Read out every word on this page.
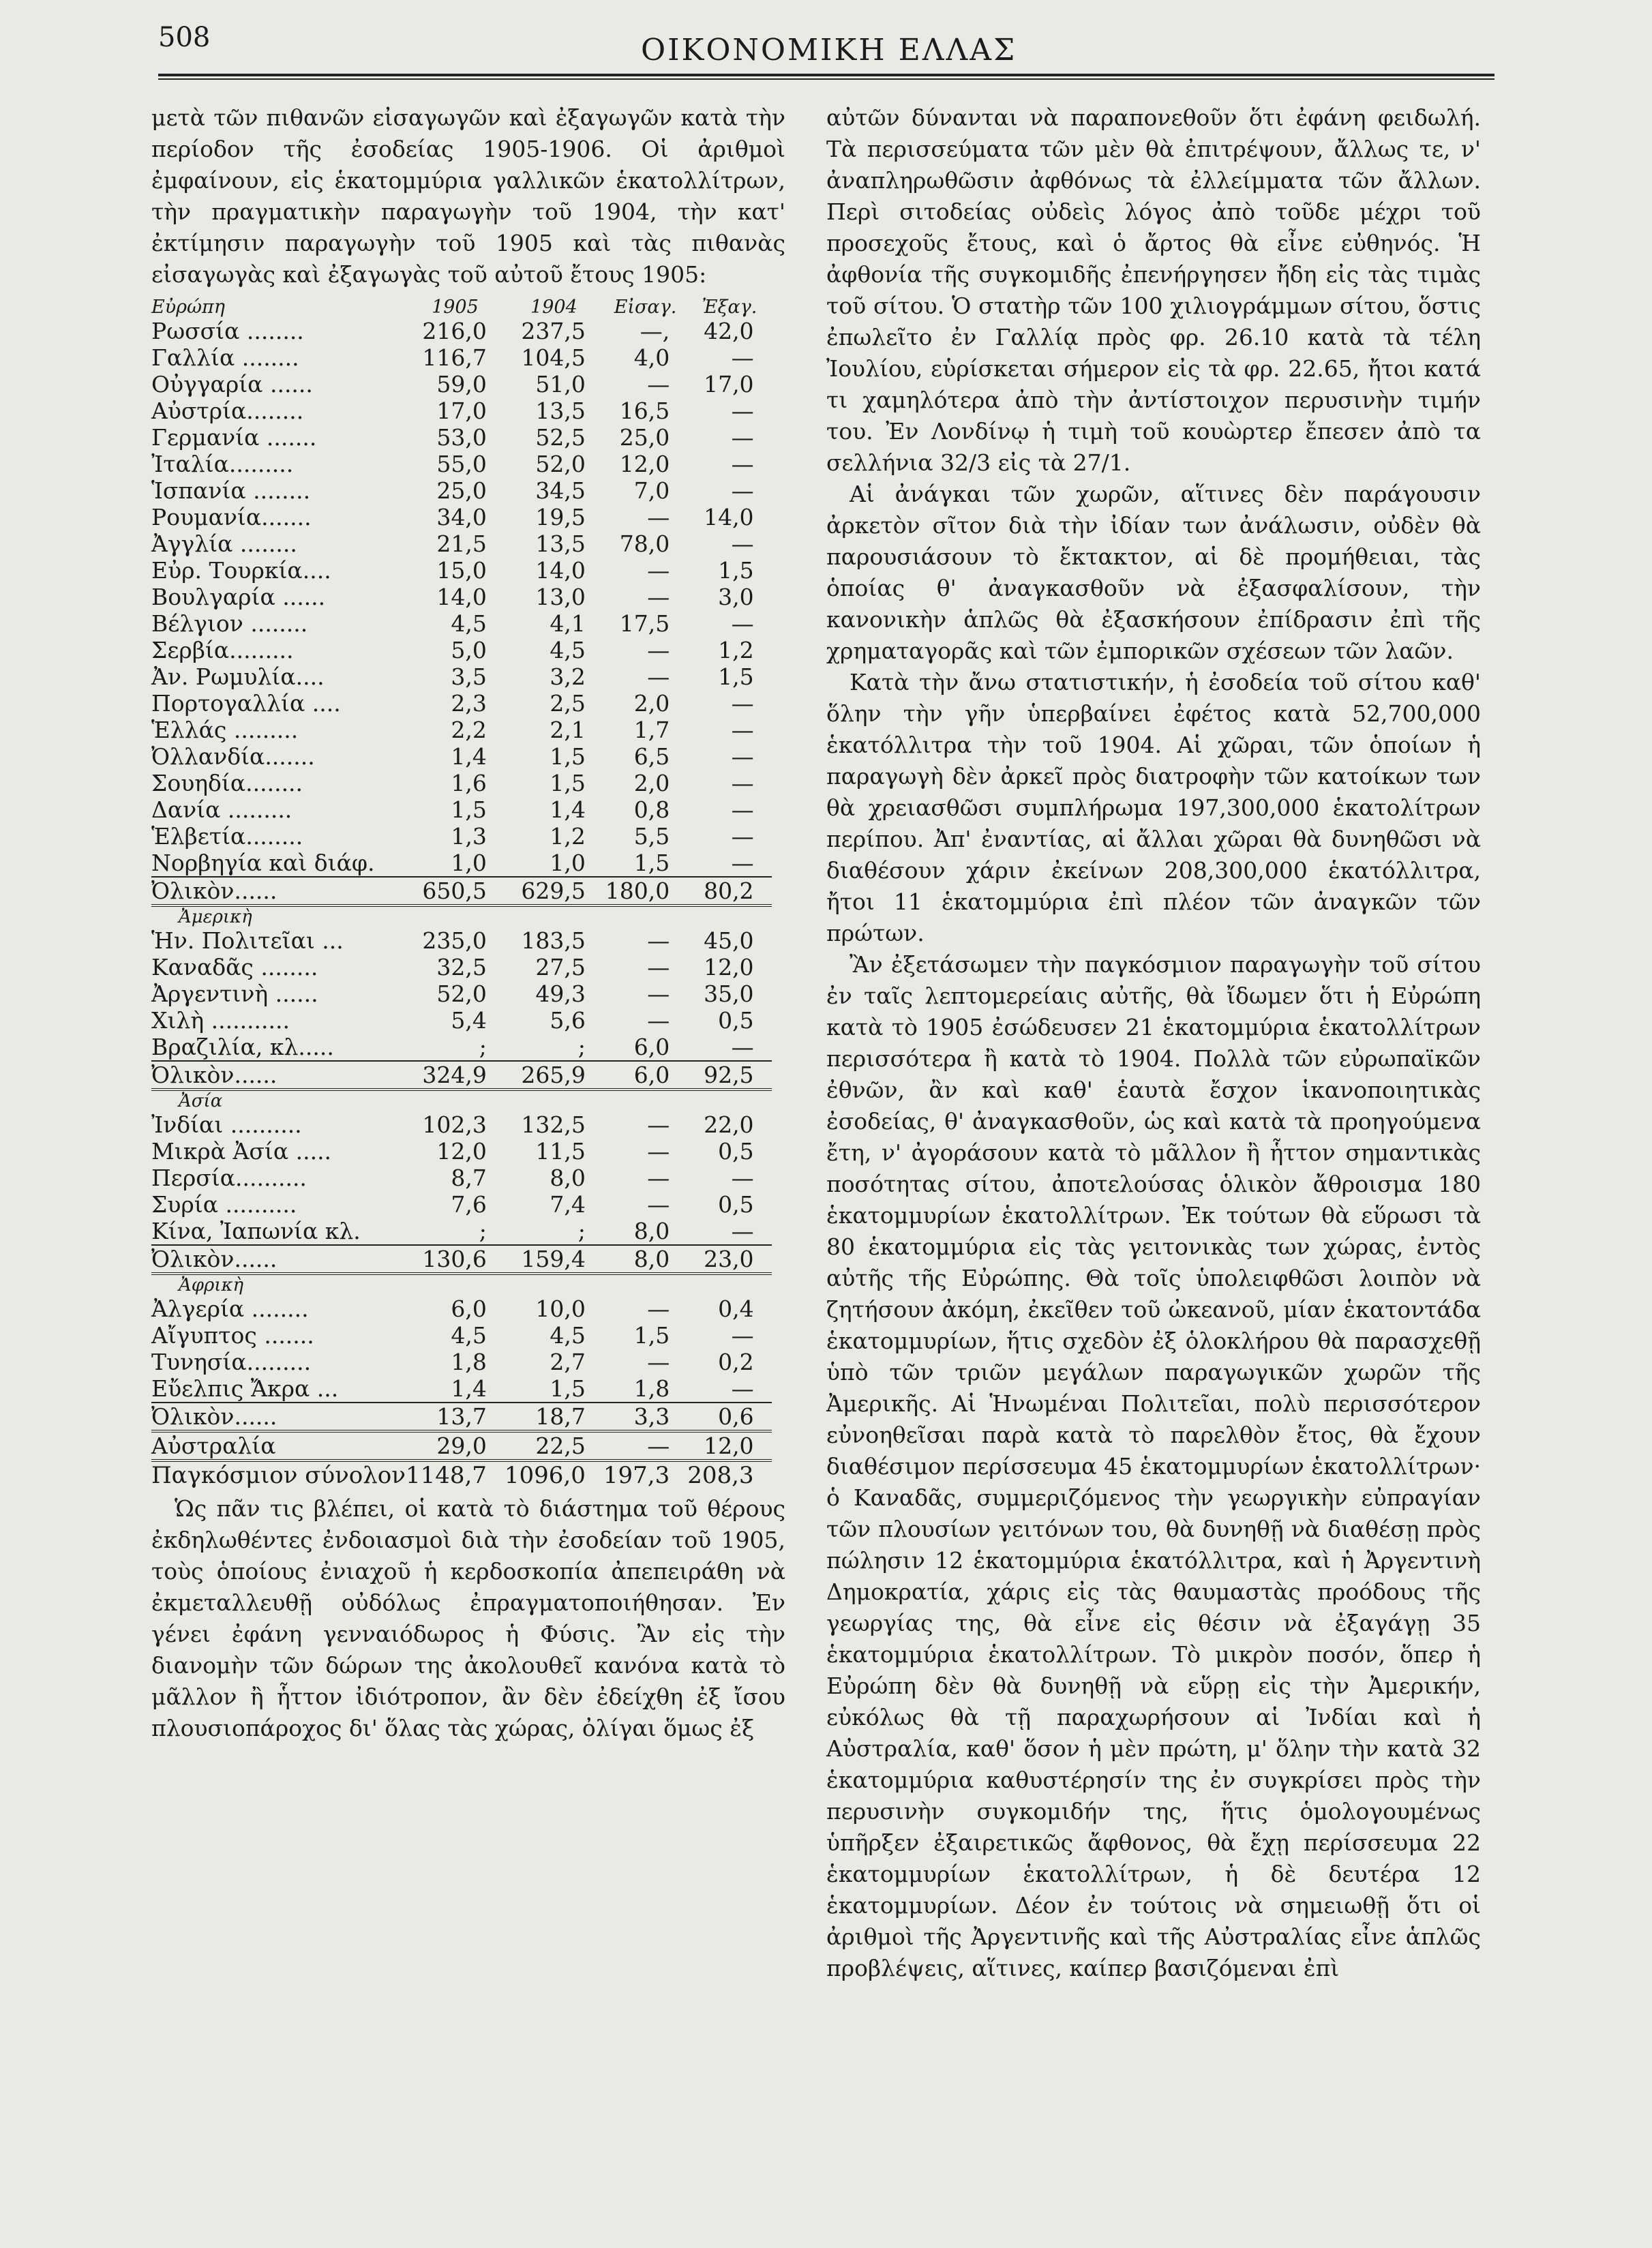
508	ΟΙΚΟΝΟΜΙΚΗ ΕΛΛΑΣ

μετὰ τῶν πιθανῶν εἰσαγωγῶν καὶ ἐξαγωγῶν κατὰ τὴν περίοδον τῆς ἐσοδείας 1905-1906. Οἱ ἀριθμοὶ ἐμφαίνουν, εἰς ἑκατομμύρια γαλλικῶν ἑκατολλίτρων, τὴν πραγματικὴν παραγωγὴν τοῦ 1904, τὴν κατ' ἐκτίμησιν παραγωγὴν τοῦ 1905 καὶ τὰς πιθανὰς εἰσαγωγὰς καὶ ἐξαγωγὰς τοῦ αὐτοῦ ἔτους 1905:

Εὐρώπη	1905	1904	Εἰσαγ.	Ἐξαγ.
Ρωσσία ........	216,0	237,5	—,	42,0
Γαλλία ........	116,7	104,5	4,0	—
Οὐγγαρία ......	59,0	51,0	—	17,0
Αὐστρία........	17,0	13,5	16,5	—
Γερμανία .......	53,0	52,5	25,0	—
Ἰταλία.........	55,0	52,0	12,0	—
Ἱσπανία ........	25,0	34,5	7,0	—
Ρουμανία.......	34,0	19,5	—	14,0
Ἀγγλία ........	21,5	13,5	78,0	—
Εὐρ. Τουρκία....	15,0	14,0	—	1,5
Βουλγαρία ......	14,0	13,0	—	3,0
Βέλγιον ........	4,5	4,1	17,5	—
Σερβία.........	5,0	4,5	—	1,2
Ἀν. Ρωμυλία....	3,5	3,2	—	1,5
Πορτογαλλία ....	2,3	2,5	2,0	—
Ἑλλάς .........	2,2	2,1	1,7	—
Ὀλλανδία.......	1,4	1,5	6,5	—
Σουηδία........	1,6	1,5	2,0	—
Δανία .........	1,5	1,4	0,8	—
Ἑλβετία........	1,3	1,2	5,5	—
Νορβηγία καὶ διάφ.	1,0	1,0	1,5	—
Ὀλικὸν......	650,5	629,5	180,0	80,2
Ἀμερικὴ				
Ἡν. Πολιτεῖαι ...	235,0	183,5	—	45,0
Καναδᾶς ........	32,5	27,5	—	12,0
Ἀργεντινὴ ......	52,0	49,3	—	35,0
Χιλὴ ...........	5,4	5,6	—	0,5
Βραζιλία, κλ.....	;	;	6,0	—
Ὀλικὸν......	324,9	265,9	6,0	92,5
Ἀσία				
Ἰνδίαι ..........	102,3	132,5	—	22,0
Μικρὰ Ἀσία .....	12,0	11,5	—	0,5
Περσία..........	8,7	8,0	—	—
Συρία ..........	7,6	7,4	—	0,5
Κίνα, Ἰαπωνία κλ.	;	;	8,0	—
Ὀλικὸν......	130,6	159,4	8,0	23,0
Ἀφρικὴ				
Ἀλγερία ........	6,0	10,0	—	0,4
Αἴγυπτος .......	4,5	4,5	1,5	—
Τυνησία.........	1,8	2,7	—	0,2
Εὔελπις Ἄκρα ...	1,4	1,5	1,8	—
Ὀλικὸν......	13,7	18,7	3,3	0,6
Αὐστραλία	29,0	22,5	—	12,0
Παγκόσμιον σύνολον	1148,7	1096,0	197,3	208,3

Ὡς πᾶν τις βλέπει, οἱ κατὰ τὸ διάστημα τοῦ θέρους ἐκδηλωθέντες ἐνδοιασμοὶ διὰ τὴν ἐσοδείαν τοῦ 1905, τοὺς ὁποίους ἐνιαχοῦ ἡ κερδοσκοπία ἀπεπειράθη νὰ ἐκμεταλλευθῇ οὐδόλως ἐπραγματοποιήθησαν. Ἐν γένει ἐφάνη γενναιόδωρος ἡ Φύσις. Ἂν εἰς τὴν διανομὴν τῶν δώρων της ἀκολουθεῖ κανόνα κατὰ τὸ μᾶλλον ἢ ἧττον ἰδιότροπον, ἂν δὲν ἐδείχθη ἐξ ἴσου πλουσιοπάροχος δι' ὅλας τὰς χώρας, ὀλίγαι ὅμως ἐξ

αὐτῶν δύνανται νὰ παραπονεθοῦν ὅτι ἐφάνη φειδωλή. Τὰ περισσεύματα τῶν μὲν θὰ ἐπιτρέψουν, ἄλλως τε, ν' ἀναπληρωθῶσιν ἀφθόνως τὰ ἐλλείμματα τῶν ἄλλων. Περὶ σιτοδείας οὐδεὶς λόγος ἀπὸ τοῦδε μέχρι τοῦ προσεχοῦς ἔτους, καὶ ὁ ἄρτος θὰ εἶνε εὐθηνός. Ἡ ἀφθονία τῆς συγκομιδῆς ἐπενήργησεν ἤδη εἰς τὰς τιμὰς τοῦ σίτου. Ὁ στατὴρ τῶν 100 χιλιογράμμων σίτου, ὅστις ἐπωλεῖτο ἐν Γαλλίᾳ πρὸς φρ. 26.10 κατὰ τὰ τέλη Ἰουλίου, εὑρίσκεται σήμερον εἰς τὰ φρ. 22.65, ἤτοι κατά τι χαμηλότερα ἀπὸ τὴν ἀντίστοιχον περυσινὴν τιμήν του. Ἐν Λονδίνῳ ἡ τιμὴ τοῦ κουὼρτερ ἔπεσεν ἀπὸ τα σελλήνια 32/3 εἰς τὰ 27/1.

Αἱ ἀνάγκαι τῶν χωρῶν, αἵτινες δὲν παράγουσιν ἀρκετὸν σῖτον διὰ τὴν ἰδίαν των ἀνάλωσιν, οὐδὲν θὰ παρουσιάσουν τὸ ἔκτακτον, αἱ δὲ προμήθειαι, τὰς ὁποίας θ' ἀναγκασθοῦν νὰ ἐξασφαλίσουν, τὴν κανονικὴν ἁπλῶς θὰ ἐξασκήσουν ἐπίδρασιν ἐπὶ τῆς χρηματαγορᾶς καὶ τῶν ἐμπορικῶν σχέσεων τῶν λαῶν.

Κατὰ τὴν ἄνω στατιστικήν, ἡ ἐσοδεία τοῦ σίτου καθ' ὅλην τὴν γῆν ὑπερβαίνει ἐφέτος κατὰ 52,700,000 ἑκατόλλιτρα τὴν τοῦ 1904. Αἱ χῶραι, τῶν ὁποίων ἡ παραγωγὴ δὲν ἀρκεῖ πρὸς διατροφὴν τῶν κατοίκων των θὰ χρειασθῶσι συμπλήρωμα 197,300,000 ἑκατολίτρων περίπου. Ἀπ' ἐναντίας, αἱ ἄλλαι χῶραι θὰ δυνηθῶσι νὰ διαθέσουν χάριν ἐκείνων 208,300,000 ἑκατόλλιτρα, ἤτοι 11 ἑκατομμύρια ἐπὶ πλέον τῶν ἀναγκῶν τῶν πρώτων.

Ἂν ἐξετάσωμεν τὴν παγκόσμιον παραγωγὴν τοῦ σίτου ἐν ταῖς λεπτομερείαις αὐτῆς, θὰ ἴδωμεν ὅτι ἡ Εὐρώπη κατὰ τὸ 1905 ἐσώδευσεν 21 ἑκατομμύρια ἑκατολλίτρων περισσότερα ἢ κατὰ τὸ 1904. Πολλὰ τῶν εὐρωπαϊκῶν ἐθνῶν, ἂν καὶ καθ' ἑαυτὰ ἔσχον ἱκανοποιητικὰς ἐσοδείας, θ' ἀναγκασθοῦν, ὡς καὶ κατὰ τὰ προηγούμενα ἔτη, ν' ἀγοράσουν κατὰ τὸ μᾶλλον ἢ ἧττον σημαντικὰς ποσότητας σίτου, ἀποτελούσας ὁλικὸν ἄθροισμα 180 ἑκατομμυρίων ἑκατολλίτρων. Ἐκ τούτων θὰ εὕρωσι τὰ 80 ἑκατομμύρια εἰς τὰς γειτονικὰς των χώρας, ἐντὸς αὐτῆς τῆς Εὐρώπης. Θὰ τοῖς ὑπολειφθῶσι λοιπὸν νὰ ζητήσουν ἀκόμη, ἐκεῖθεν τοῦ ὠκεανοῦ, μίαν ἑκατοντάδα ἑκατομμυρίων, ἥτις σχεδὸν ἐξ ὁλοκλήρου θὰ παρασχεθῇ ὑπὸ τῶν τριῶν μεγάλων παραγωγικῶν χωρῶν τῆς Ἀμερικῆς. Αἱ Ἡνωμέναι Πολιτεῖαι, πολὺ περισσότερον εὐνοηθεῖσαι παρὰ κατὰ τὸ παρελθὸν ἔτος, θὰ ἔχουν διαθέσιμον περίσσευμα 45 ἑκατομμυρίων ἑκατολλίτρων· ὁ Καναδᾶς, συμμεριζόμενος τὴν γεωργικὴν εὐπραγίαν τῶν πλουσίων γειτόνων του, θὰ δυνηθῇ νὰ διαθέσῃ πρὸς πώλησιν 12 ἑκατομμύρια ἑκατόλλιτρα, καὶ ἡ Ἀργεντινὴ Δημοκρατία, χάρις εἰς τὰς θαυμαστὰς προόδους τῆς γεωργίας της, θὰ εἶνε εἰς θέσιν νὰ ἐξαγάγῃ 35 ἑκατομμύρια ἑκατολλίτρων. Τὸ μικρὸν ποσόν, ὅπερ ἡ Εὐρώπη δὲν θὰ δυνηθῇ νὰ εὕρῃ εἰς τὴν Ἀμερικήν, εὐκόλως θὰ τῇ παραχωρήσουν αἱ Ἰνδίαι καὶ ἡ Αὐστραλία, καθ' ὅσον ἡ μὲν πρώτη, μ' ὅλην τὴν κατὰ 32 ἑκατομμύρια καθυστέρησίν της ἐν συγκρίσει πρὸς τὴν περυσινὴν συγκομιδήν της, ἥτις ὁμολογουμένως ὑπῆρξεν ἐξαιρετικῶς ἄφθονος, θὰ ἔχῃ περίσσευμα 22 ἑκατομμυρίων ἑκατολλίτρων, ἡ δὲ δευτέρα 12 ἑκατομμυρίων. Δέον ἐν τούτοις νὰ σημειωθῇ ὅτι οἱ ἀριθμοὶ τῆς Ἀργεντινῆς καὶ τῆς Αὐστραλίας εἶνε ἁπλῶς προβλέψεις, αἵτινες, καίπερ βασιζόμεναι ἐπὶ
